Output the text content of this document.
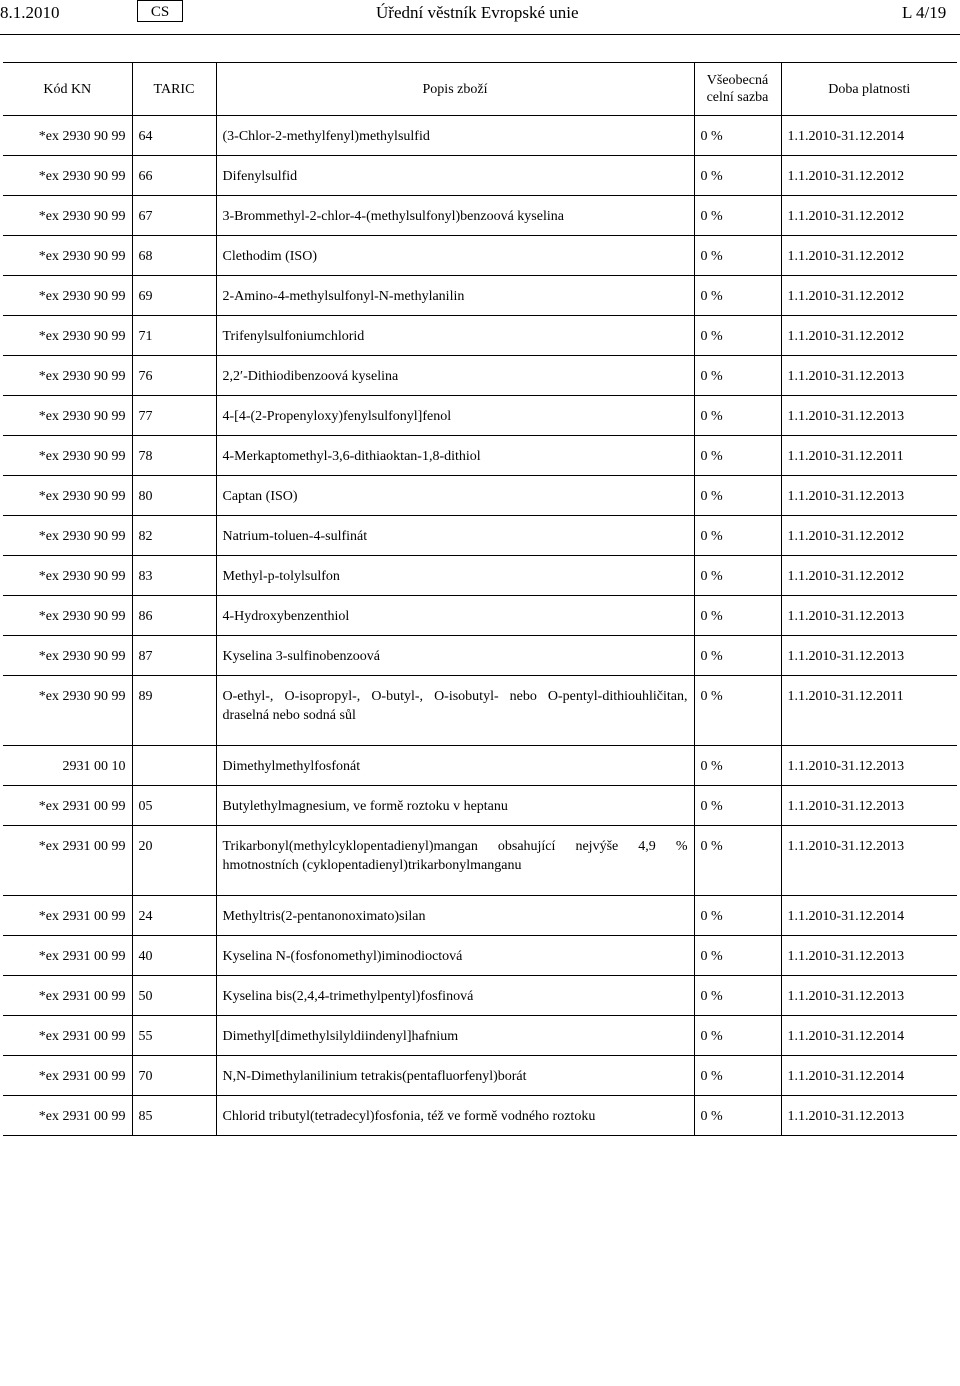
8.1.2010	CS	Úřední věstník Evropské unie	L 4/19
Kód KN	TARIC	Popis zboží	Všeobecná celní sazba	Doba platnosti
*ex 2930 90 99	64	(3-Chlor-2-methylfenyl)methylsulfid	0 %	1.1.2010-31.12.2014
*ex 2930 90 99	66	Difenylsulfid	0 %	1.1.2010-31.12.2012
*ex 2930 90 99	67	3-Brommethyl-2-chlor-4-(methylsulfonyl)benzoová kyselina	0 %	1.1.2010-31.12.2012
*ex 2930 90 99	68	Clethodim (ISO)	0 %	1.1.2010-31.12.2012
*ex 2930 90 99	69	2-Amino-4-methylsulfonyl-N-methylanilin	0 %	1.1.2010-31.12.2012
*ex 2930 90 99	71	Trifenylsulfoniumchlorid	0 %	1.1.2010-31.12.2012
*ex 2930 90 99	76	2,2′-Dithiodibenzoová kyselina	0 %	1.1.2010-31.12.2013
*ex 2930 90 99	77	4-[4-(2-Propenyloxy)fenylsulfonyl]fenol	0 %	1.1.2010-31.12.2013
*ex 2930 90 99	78	4-Merkaptomethyl-3,6-dithiaoktan-1,8-dithiol	0 %	1.1.2010-31.12.2011
*ex 2930 90 99	80	Captan (ISO)	0 %	1.1.2010-31.12.2013
*ex 2930 90 99	82	Natrium-toluen-4-sulfinát	0 %	1.1.2010-31.12.2012
*ex 2930 90 99	83	Methyl-p-tolylsulfon	0 %	1.1.2010-31.12.2012
*ex 2930 90 99	86	4-Hydroxybenzenthiol	0 %	1.1.2010-31.12.2013
*ex 2930 90 99	87	Kyselina 3-sulfinobenzoová	0 %	1.1.2010-31.12.2013
*ex 2930 90 99	89	O-ethyl-, O-isopropyl-, O-butyl-, O-isobutyl- nebo O-pentyl-dithiouhličitan, draselná nebo sodná sůl	0 %	1.1.2010-31.12.2011
2931 00 10		Dimethylmethylfosfonát	0 %	1.1.2010-31.12.2013
*ex 2931 00 99	05	Butylethylmagnesium, ve formě roztoku v heptanu	0 %	1.1.2010-31.12.2013
*ex 2931 00 99	20	Trikarbonyl(methylcyklopentadienyl)mangan obsahující nejvýše 4,9 % hmotnostních (cyklopentadienyl)trikarbonylmanganu	0 %	1.1.2010-31.12.2013
*ex 2931 00 99	24	Methyltris(2-pentanonoximato)silan	0 %	1.1.2010-31.12.2014
*ex 2931 00 99	40	Kyselina N-(fosfonomethyl)iminodioctová	0 %	1.1.2010-31.12.2013
*ex 2931 00 99	50	Kyselina bis(2,4,4-trimethylpentyl)fosfinová	0 %	1.1.2010-31.12.2013
*ex 2931 00 99	55	Dimethyl[dimethylsilyldiindenyl]hafnium	0 %	1.1.2010-31.12.2014
*ex 2931 00 99	70	N,N-Dimethylanilinium tetrakis(pentafluorfenyl)borát	0 %	1.1.2010-31.12.2014
*ex 2931 00 99	85	Chlorid tributyl(tetradecyl)fosfonia, též ve formě vodného roztoku	0 %	1.1.2010-31.12.2013
